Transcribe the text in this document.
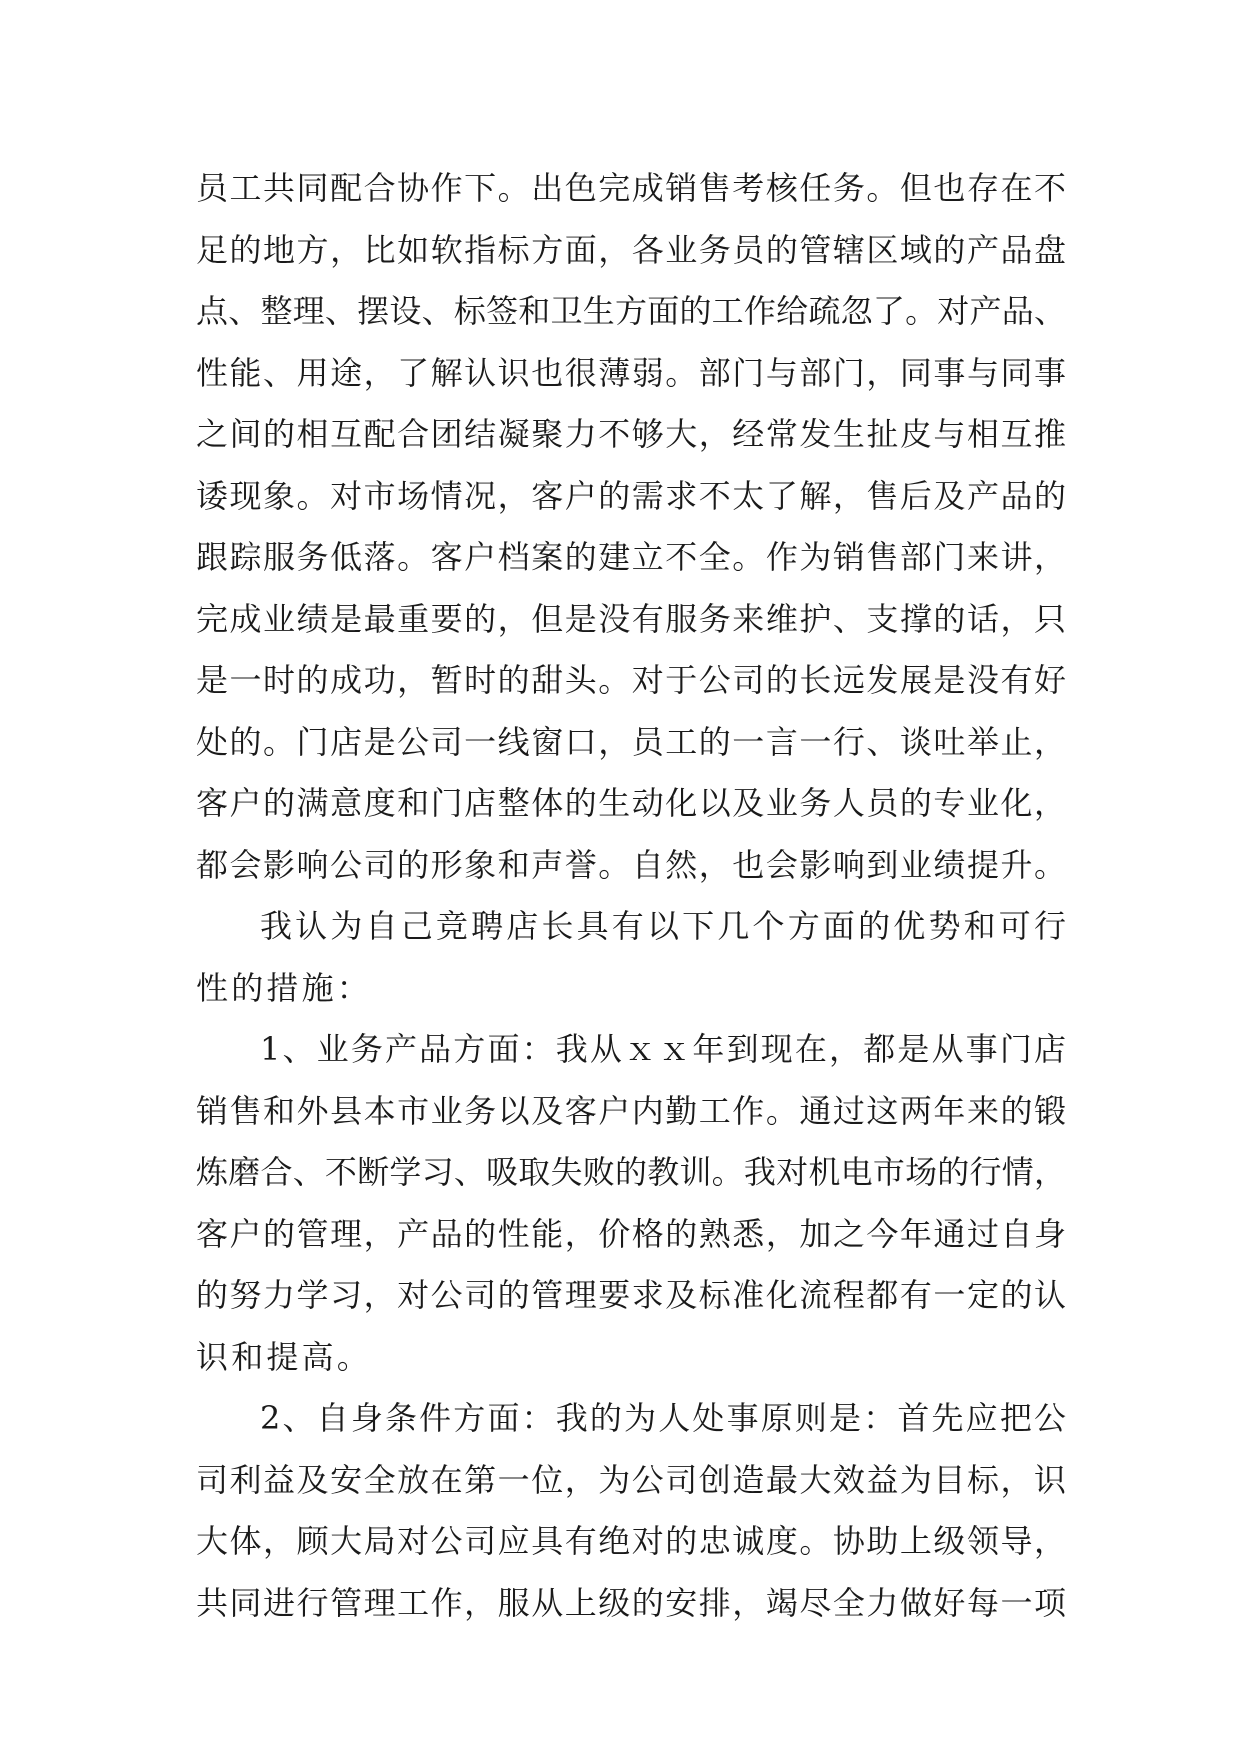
员工共同配合协作下。出色完成销售考核任务。但也存在不
足的地方，比如软指标方面，各业务员的管辖区域的产品盘
点、整理、摆设、标签和卫生方面的工作给疏忽了。对产品、
性能、用途，了解认识也很薄弱。部门与部门，同事与同事
之间的相互配合团结凝聚力不够大，经常发生扯皮与相互推
诿现象。对市场情况，客户的需求不太了解，售后及产品的
跟踪服务低落。客户档案的建立不全。作为销售部门来讲，
完成业绩是最重要的，但是没有服务来维护、支撑的话，只
是一时的成功，暂时的甜头。对于公司的长远发展是没有好
处的。门店是公司一线窗口，员工的一言一行、谈吐举止，
客户的满意度和门店整体的生动化以及业务人员的专业化，
都会影响公司的形象和声誉。自然，也会影响到业绩提升。
我认为自己竞聘店长具有以下几个方面的优势和可行
性的措施：
1、业务产品方面：我从ｘｘ年到现在，都是从事门店
销售和外县本市业务以及客户内勤工作。通过这两年来的锻
炼磨合、不断学习、吸取失败的教训。我对机电市场的行情，
客户的管理，产品的性能，价格的熟悉，加之今年通过自身
的努力学习，对公司的管理要求及标准化流程都有一定的认
识和提高。
2、自身条件方面：我的为人处事原则是：首先应把公
司利益及安全放在第一位，为公司创造最大效益为目标，识
大体，顾大局对公司应具有绝对的忠诚度。协助上级领导，
共同进行管理工作，服从上级的安排，竭尽全力做好每一项
